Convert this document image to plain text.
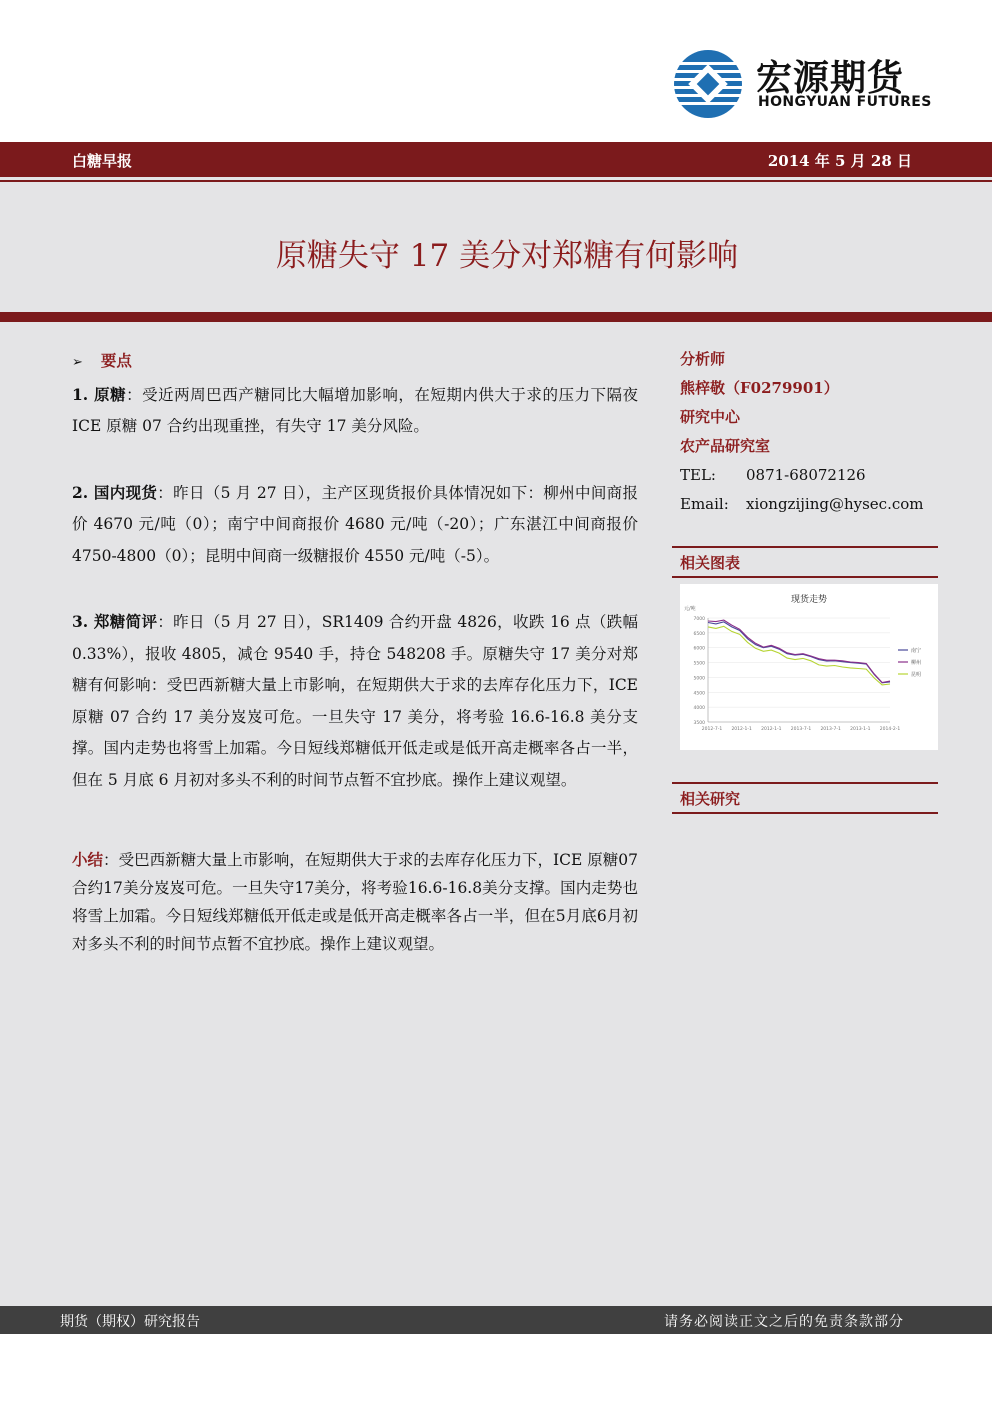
宏源期货
HONGYUAN FUTURES
白糖早报	2014 年 5 月 28 日
原糖失守 17 美分对郑糖有何影响

➢ 要点

1. 原糖：受近两周巴西产糖同比大幅增加影响，在短期内供大于求的压力下隔夜 ICE 原糖 07 合约出现重挫，有失守 17 美分风险。

2. 国内现货：昨日（5 月 27 日），主产区现货报价具体情况如下：柳州中间商报价 4670 元/吨（0）；南宁中间商报价 4680 元/吨（-20）；广东湛江中间商报价 4750-4800（0）；昆明中间商一级糖报价 4550 元/吨（-5）。

3. 郑糖简评：昨日（5 月 27 日），SR1409 合约开盘 4826，收跌 16 点（跌幅 0.33%），报收 4805，减仓 9540 手，持仓 548208 手。原糖失守 17 美分对郑糖有何影响：受巴西新糖大量上市影响，在短期供大于求的去库存化压力下，ICE 原糖 07 合约 17 美分岌岌可危。一旦失守 17 美分，将考验 16.6-16.8 美分支撑。国内走势也将雪上加霜。今日短线郑糖低开低走或是低开高走概率各占一半，但在 5 月底 6 月初对多头不利的时间节点暂不宜抄底。操作上建议观望。

小结：受巴西新糖大量上市影响，在短期供大于求的去库存化压力下，ICE 原糖07合约17美分岌岌可危。一旦失守17美分，将考验16.6-16.8美分支撑。国内走势也将雪上加霜。今日短线郑糖低开低走或是低开高走概率各占一半，但在5月底6月初对多头不利的时间节点暂不宜抄底。操作上建议观望。

分析师
熊梓敬（F0279901）
研究中心
农产品研究室
TEL: 0871-68072126
Email: xiongzijing@hysec.com
相关图表
现货走势
元/吨
7000
6500
6000
5500
5000
4500
4000
3500
2012-7-1 2012-1-1 2012-1-1 2013-7-1 2013-7-1 2013-1-1 2014-2-1
南宁
柳州
昆明
相关研究
期货（期权）研究报告	请务必阅读正文之后的免责条款部分
